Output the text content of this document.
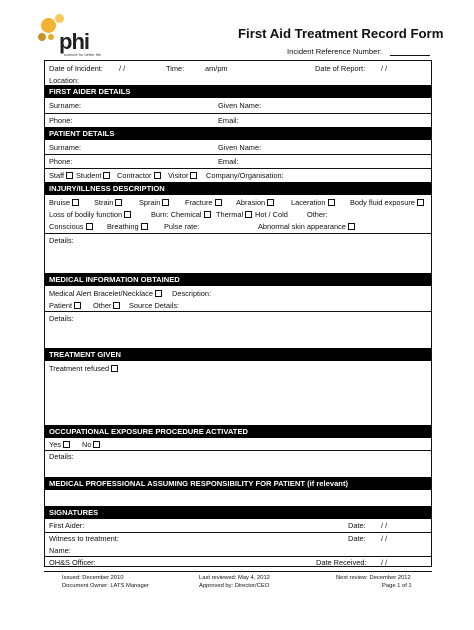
phi
science for better life
First Aid Treatment Record Form
Incident Reference Number:
Date of Incident: / /	Time:	am/pm	Date of Report: / /
Location:
FIRST AIDER DETAILS
Surname:	Given Name:
Phone:	Email:
PATIENT DETAILS
Surname:	Given Name:
Phone:	Email:
Staff	Student	Contractor	Visitor	Company/Organisation:
INJURY/ILLNESS DESCRIPTION
Bruise	Strain	Sprain	Fracture	Abrasion	Laceration	Body fluid exposure
Loss of bodily function	Burn: Chemical	Thermal	Hot / Cold	Other:
Conscious	Breathing	Pulse rate:	Abnormal skin appearance
Details:
MEDICAL INFORMATION OBTAINED
Medical Alert Bracelet/Necklace	Description:
Patient	Other	Source Details:
Details:
TREATMENT GIVEN
Treatment refused
OCCUPATIONAL EXPOSURE PROCEDURE ACTIVATED
Yes	No
Details:
MEDICAL PROFESSIONAL ASSUMING RESPONSIBILITY FOR PATIENT (if relevant)
SIGNATURES
First Aider:	Date: / /
Witness to treatment:	Date: / /
Name:
OH&S Officer:	Date Received: / /
Issued: December 2010
Document Owner: LATS Manager
Last reviewed: May 4, 2012
Approved by: Director/CEO
Next review: December 2012
Page 1 of 1
